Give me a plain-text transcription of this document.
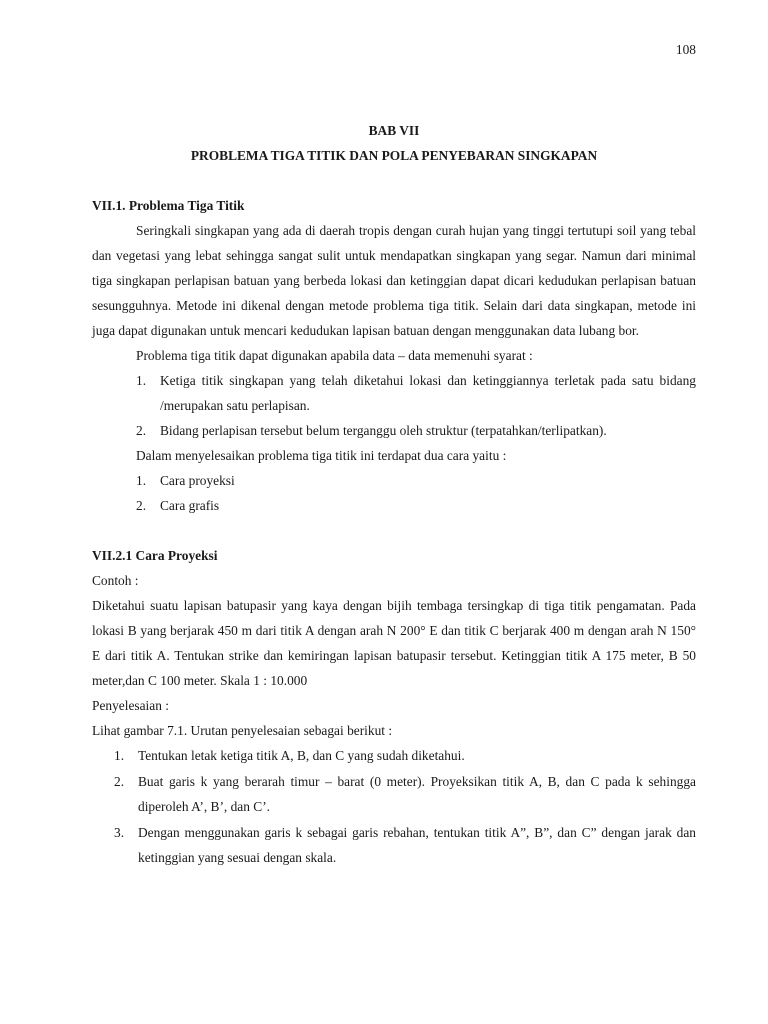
108

BAB VII

PROBLEMA TIGA TITIK DAN POLA PENYEBARAN SINGKAPAN

VII.1. Problema Tiga Titik

Seringkali singkapan yang ada di daerah tropis dengan curah hujan yang tinggi tertutupi soil yang tebal dan vegetasi yang lebat sehingga sangat sulit untuk mendapatkan singkapan yang segar. Namun dari minimal tiga singkapan perlapisan batuan yang berbeda lokasi dan ketinggian dapat dicari kedudukan perlapisan batuan sesungguhnya. Metode ini dikenal dengan metode problema tiga titik. Selain dari data singkapan, metode ini juga dapat digunakan untuk mencari kedudukan lapisan batuan dengan menggunakan data lubang bor.

Problema tiga titik dapat digunakan apabila data – data memenuhi syarat :

1. Ketiga titik singkapan yang telah diketahui lokasi dan ketinggiannya terletak pada satu bidang /merupakan satu perlapisan.
2. Bidang perlapisan tersebut belum terganggu oleh struktur (terpatahkan/terlipatkan).

Dalam menyelesaikan problema tiga titik ini terdapat dua cara yaitu :

1. Cara proyeksi
2. Cara grafis

VII.2.1 Cara Proyeksi

Contoh :

Diketahui suatu lapisan batupasir yang kaya dengan bijih tembaga tersingkap di tiga titik pengamatan. Pada lokasi B yang berjarak 450 m dari titik A dengan arah N 200° E dan titik C berjarak 400 m dengan arah N 150° E dari titik A. Tentukan strike dan kemiringan lapisan batupasir tersebut. Ketinggian titik A 175 meter, B 50 meter,dan C 100 meter. Skala 1 : 10.000

Penyelesaian :

Lihat gambar 7.1. Urutan penyelesaian sebagai berikut :

1. Tentukan letak ketiga titik A, B, dan C yang sudah diketahui.
2. Buat garis k yang berarah timur – barat (0 meter). Proyeksikan titik A, B, dan C pada k sehingga diperoleh A’, B’, dan C’.
3. Dengan menggunakan garis k sebagai garis rebahan, tentukan titik A”, B”, dan C” dengan jarak dan ketinggian yang sesuai dengan skala.
